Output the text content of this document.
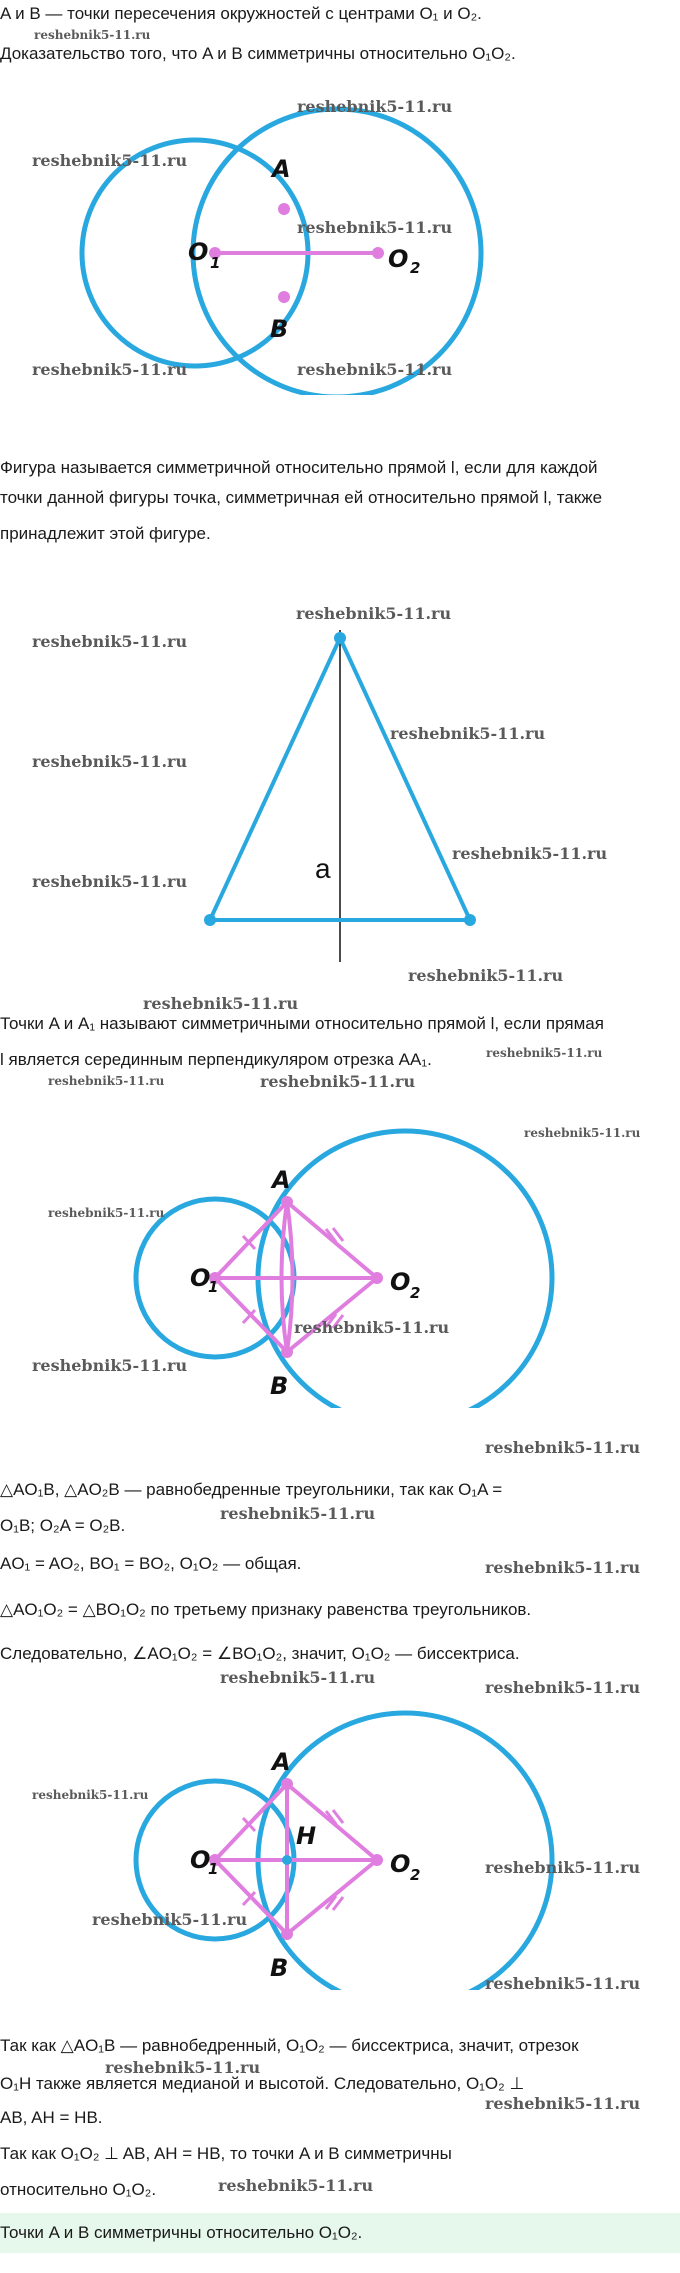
A и B — точки пересечения окружностей с центрами O₁ и O₂.
reshebnik5-11.ru
Доказательство того, что A и B симметричны относительно O₁O₂.
A
B
O 1	O 2
reshebnik5-11.ru
reshebnik5-11.ru
reshebnik5-11.ru
reshebnik5-11.ru	reshebnik5-11.ru
Фигура называется симметричной относительно прямой l, если для каждой
точки данной фигуры точка, симметричная ей относительно прямой l, также
принадлежит этой фигуре.
a
reshebnik5-11.ru
reshebnik5-11.ru
reshebnik5-11.ru
reshebnik5-11.ru
reshebnik5-11.ru
reshebnik5-11.ru
reshebnik5-11.ru
reshebnik5-11.ru
Точки A и A₁ называют симметричными относительно прямой l, если прямая
l является серединным перпендикуляром отрезка AA₁.	reshebnik5-11.ru
reshebnik5-11.ru	reshebnik5-11.ru
reshebnik5-11.ru
A
B
O
1	O 2
reshebnik5-11.ru
reshebnik5-11.ru
reshebnik5-11.ru
reshebnik5-11.ru
△AO₁B, △AO₂B — равнобедренные треугольники, так как O₁A =
O₁B; O₂A = O₂B.
reshebnik5-11.ru
AO₁ = AO₂, BO₁ = BO₂, O₁O₂ — общая.	reshebnik5-11.ru
△AO₁O₂ = △BO₁O₂ по третьему признаку равенства треугольников.
Следовательно, ∠AO₁O₂ = ∠BO₁O₂, значит, O₁O₂ — биссектриса.
reshebnik5-11.ru
reshebnik5-11.ru
A
B
H
O
1	O 2
reshebnik5-11.ru
reshebnik5-11.ru
reshebnik5-11.ru
reshebnik5-11.ru
Так как △AO₁B — равнобедренный, O₁O₂ — биссектриса, значит, отрезок
reshebnik5-11.ru
O₁H также является медианой и высотой. Следовательно, O₁O₂ ⊥
AB, AH = HB.
reshebnik5-11.ru
Так как O₁O₂ ⊥ AB, AH = HB, то точки A и B симметричны
относительно O₁O₂.	reshebnik5-11.ru
Точки A и B симметричны относительно O₁O₂.
